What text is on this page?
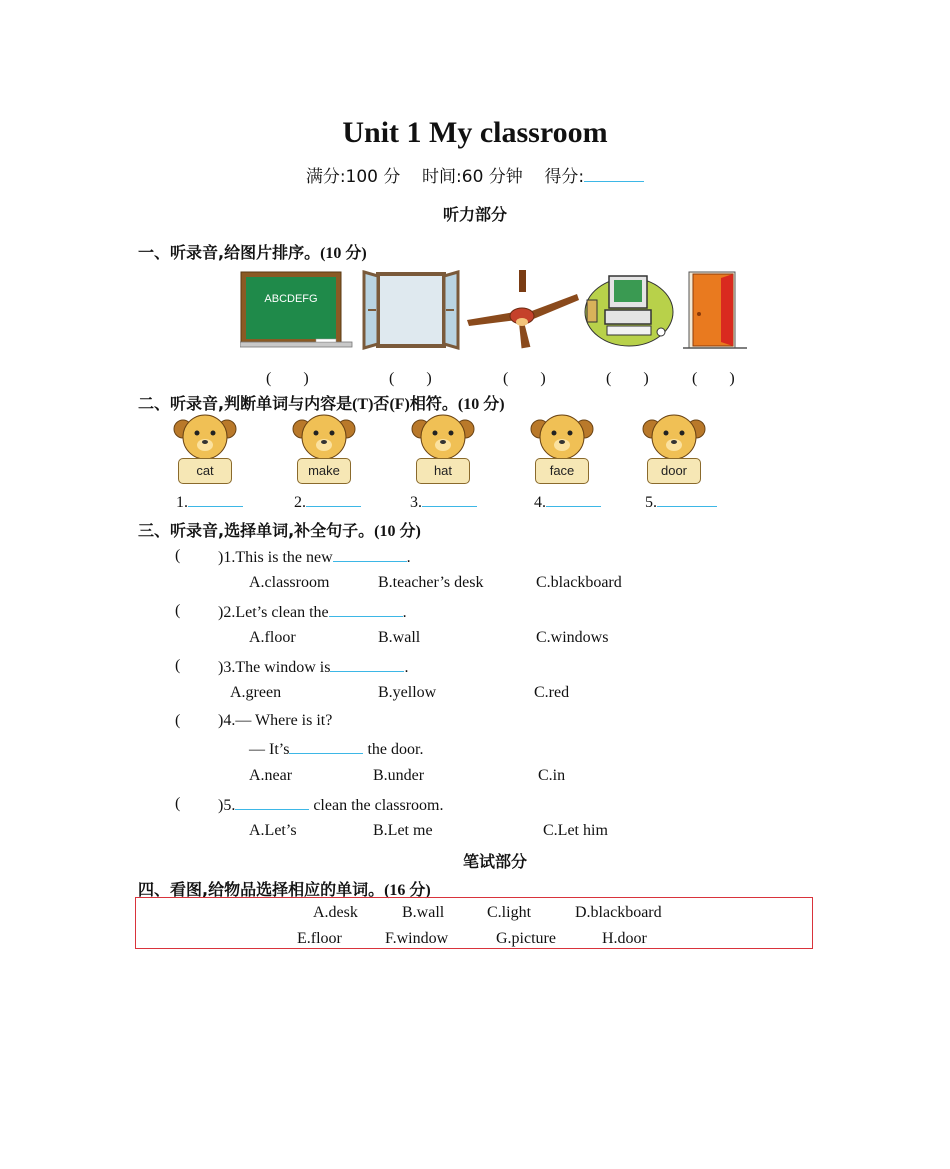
Unit 1 My classroom
满分:100 分 时间:60 分钟 得分:
听力部分
一、听录音,给图片排序。(10 分)
ABCDEFG
(　　)	(　　)	(　　)	(　　)	(　　)
二、听录音,判断单词与内容是(T)否(F)相符。(10 分)
cat	make	hat	face	door
1.	2.	3.	4.	5.
三、听录音,选择单词,补全句子。(10 分)
( )1.This is the new	.
A.classroom	B.teacher’s desk	C.blackboard
( )2.Let’s clean the	.
A.floor	B.wall	C.windows
( )3.The window is	.
A.green	B.yellow	C.red
( )4.— Where is it?
— It’s	the door.
A.near	B.under	C.in
( )5.	clean the classroom.
A.Let’s	B.Let me	C.Let him
笔试部分
四、看图,给物品选择相应的单词。(16 分)
A.desk	B.wall	C.light	D.blackboard
E.floor	F.window	G.picture	H.door
